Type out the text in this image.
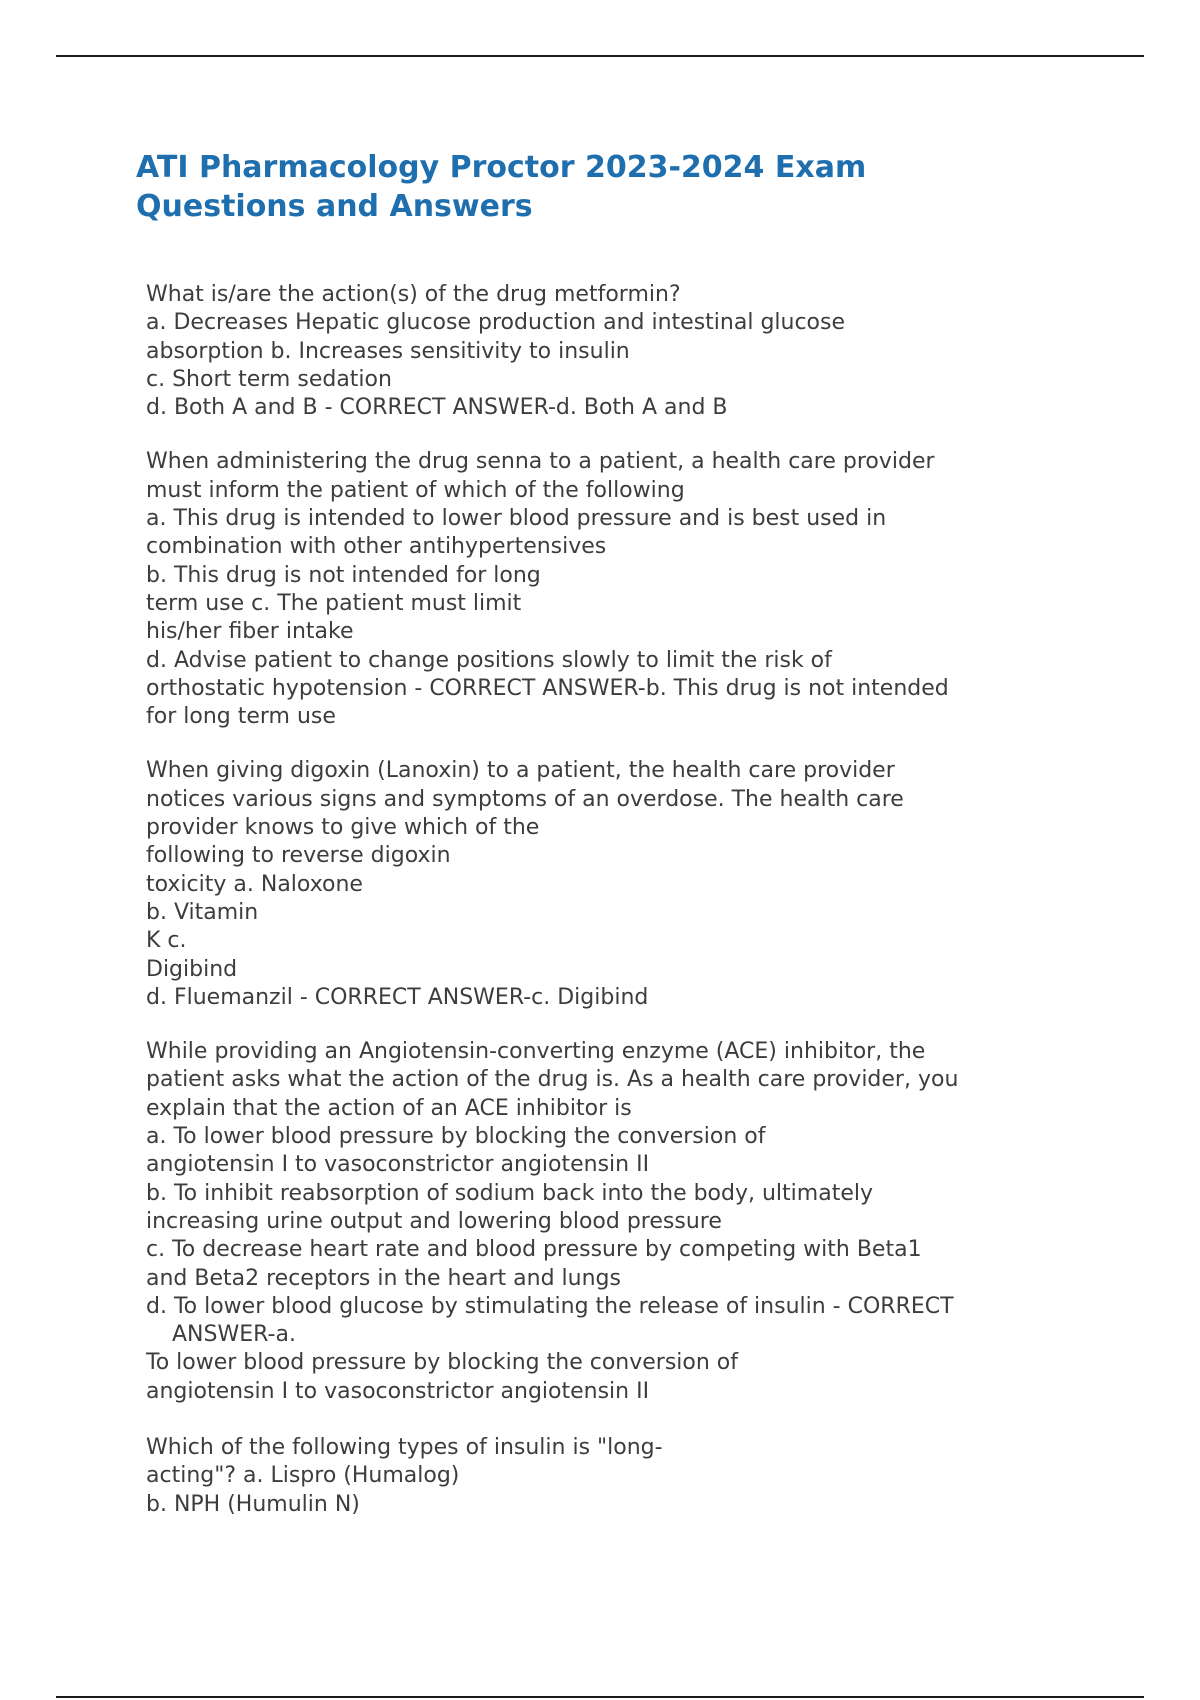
ATI Pharmacology Proctor 2023-2024 Exam
Questions and Answers
What is/are the action(s) of the drug metformin?
a. Decreases Hepatic glucose production and intestinal glucose
absorption b. Increases sensitivity to insulin
c. Short term sedation
d. Both A and B - CORRECT ANSWER-d. Both A and B
When administering the drug senna to a patient, a health care provider
must inform the patient of which of the following
a. This drug is intended to lower blood pressure and is best used in
combination with other antihypertensives
b. This drug is not intended for long
term use c. The patient must limit
his/her fiber intake
d. Advise patient to change positions slowly to limit the risk of
orthostatic hypotension - CORRECT ANSWER-b. This drug is not intended
for long term use
When giving digoxin (Lanoxin) to a patient, the health care provider
notices various signs and symptoms of an overdose. The health care
provider knows to give which of the
following to reverse digoxin
toxicity a. Naloxone
b. Vitamin
K c.
Digibind
d. Fluemanzil - CORRECT ANSWER-c. Digibind
While providing an Angiotensin-converting enzyme (ACE) inhibitor, the
patient asks what the action of the drug is. As a health care provider, you
explain that the action of an ACE inhibitor is
a. To lower blood pressure by blocking the conversion of
angiotensin I to vasoconstrictor angiotensin II
b. To inhibit reabsorption of sodium back into the body, ultimately
increasing urine output and lowering blood pressure
c. To decrease heart rate and blood pressure by competing with Beta1
and Beta2 receptors in the heart and lungs
d. To lower blood glucose by stimulating the release of insulin - CORRECT
ANSWER-a.
To lower blood pressure by blocking the conversion of
angiotensin I to vasoconstrictor angiotensin II
Which of the following types of insulin is "long-
acting"? a. Lispro (Humalog)
b. NPH (Humulin N)
